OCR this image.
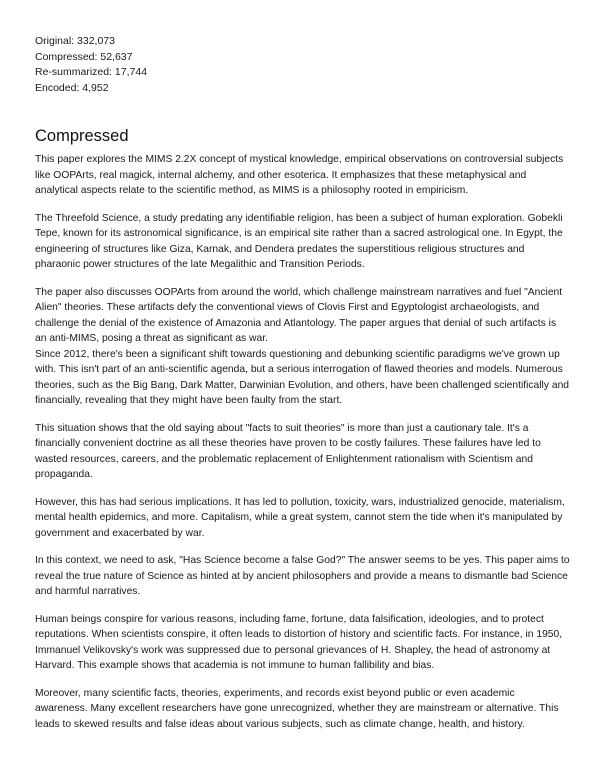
Original: 332,073
Compressed: 52,637
Re-summarized: 17,744
Encoded: 4,952
Compressed

This paper explores the MIMS 2.2X concept of mystical knowledge, empirical observations on controversial subjects like OOPArts, real magick, internal alchemy, and other esoterica. It emphasizes that these metaphysical and analytical aspects relate to the scientific method, as MIMS is a philosophy rooted in empiricism.

The Threefold Science, a study predating any identifiable religion, has been a subject of human exploration. Gobekli Tepe, known for its astronomical significance, is an empirical site rather than a sacred astrological one. In Egypt, the engineering of structures like Giza, Karnak, and Dendera predates the superstitious religious structures and pharaonic power structures of the late Megalithic and Transition Periods.

The paper also discusses OOPArts from around the world, which challenge mainstream narratives and fuel "Ancient Alien" theories. These artifacts defy the conventional views of Clovis First and Egyptologist archaeologists, and challenge the denial of the existence of Amazonia and Atlantology. The paper argues that denial of such artifacts is an anti-MIMS, posing a threat as significant as war.

Since 2012, there's been a significant shift towards questioning and debunking scientific paradigms we've grown up with. This isn't part of an anti-scientific agenda, but a serious interrogation of flawed theories and models. Numerous theories, such as the Big Bang, Dark Matter, Darwinian Evolution, and others, have been challenged scientifically and financially, revealing that they might have been faulty from the start.

This situation shows that the old saying about "facts to suit theories" is more than just a cautionary tale. It's a financially convenient doctrine as all these theories have proven to be costly failures. These failures have led to wasted resources, careers, and the problematic replacement of Enlightenment rationalism with Scientism and propaganda.

However, this has had serious implications. It has led to pollution, toxicity, wars, industrialized genocide, materialism, mental health epidemics, and more. Capitalism, while a great system, cannot stem the tide when it's manipulated by government and exacerbated by war.

In this context, we need to ask, "Has Science become a false God?" The answer seems to be yes. This paper aims to reveal the true nature of Science as hinted at by ancient philosophers and provide a means to dismantle bad Science and harmful narratives.

Human beings conspire for various reasons, including fame, fortune, data falsification, ideologies, and to protect reputations. When scientists conspire, it often leads to distortion of history and scientific facts. For instance, in 1950, Immanuel Velikovsky's work was suppressed due to personal grievances of H. Shapley, the head of astronomy at Harvard. This example shows that academia is not immune to human fallibility and bias.

Moreover, many scientific facts, theories, experiments, and records exist beyond public or even academic awareness. Many excellent researchers have gone unrecognized, whether they are mainstream or alternative. This leads to skewed results and false ideas about various subjects, such as climate change, health, and history.
